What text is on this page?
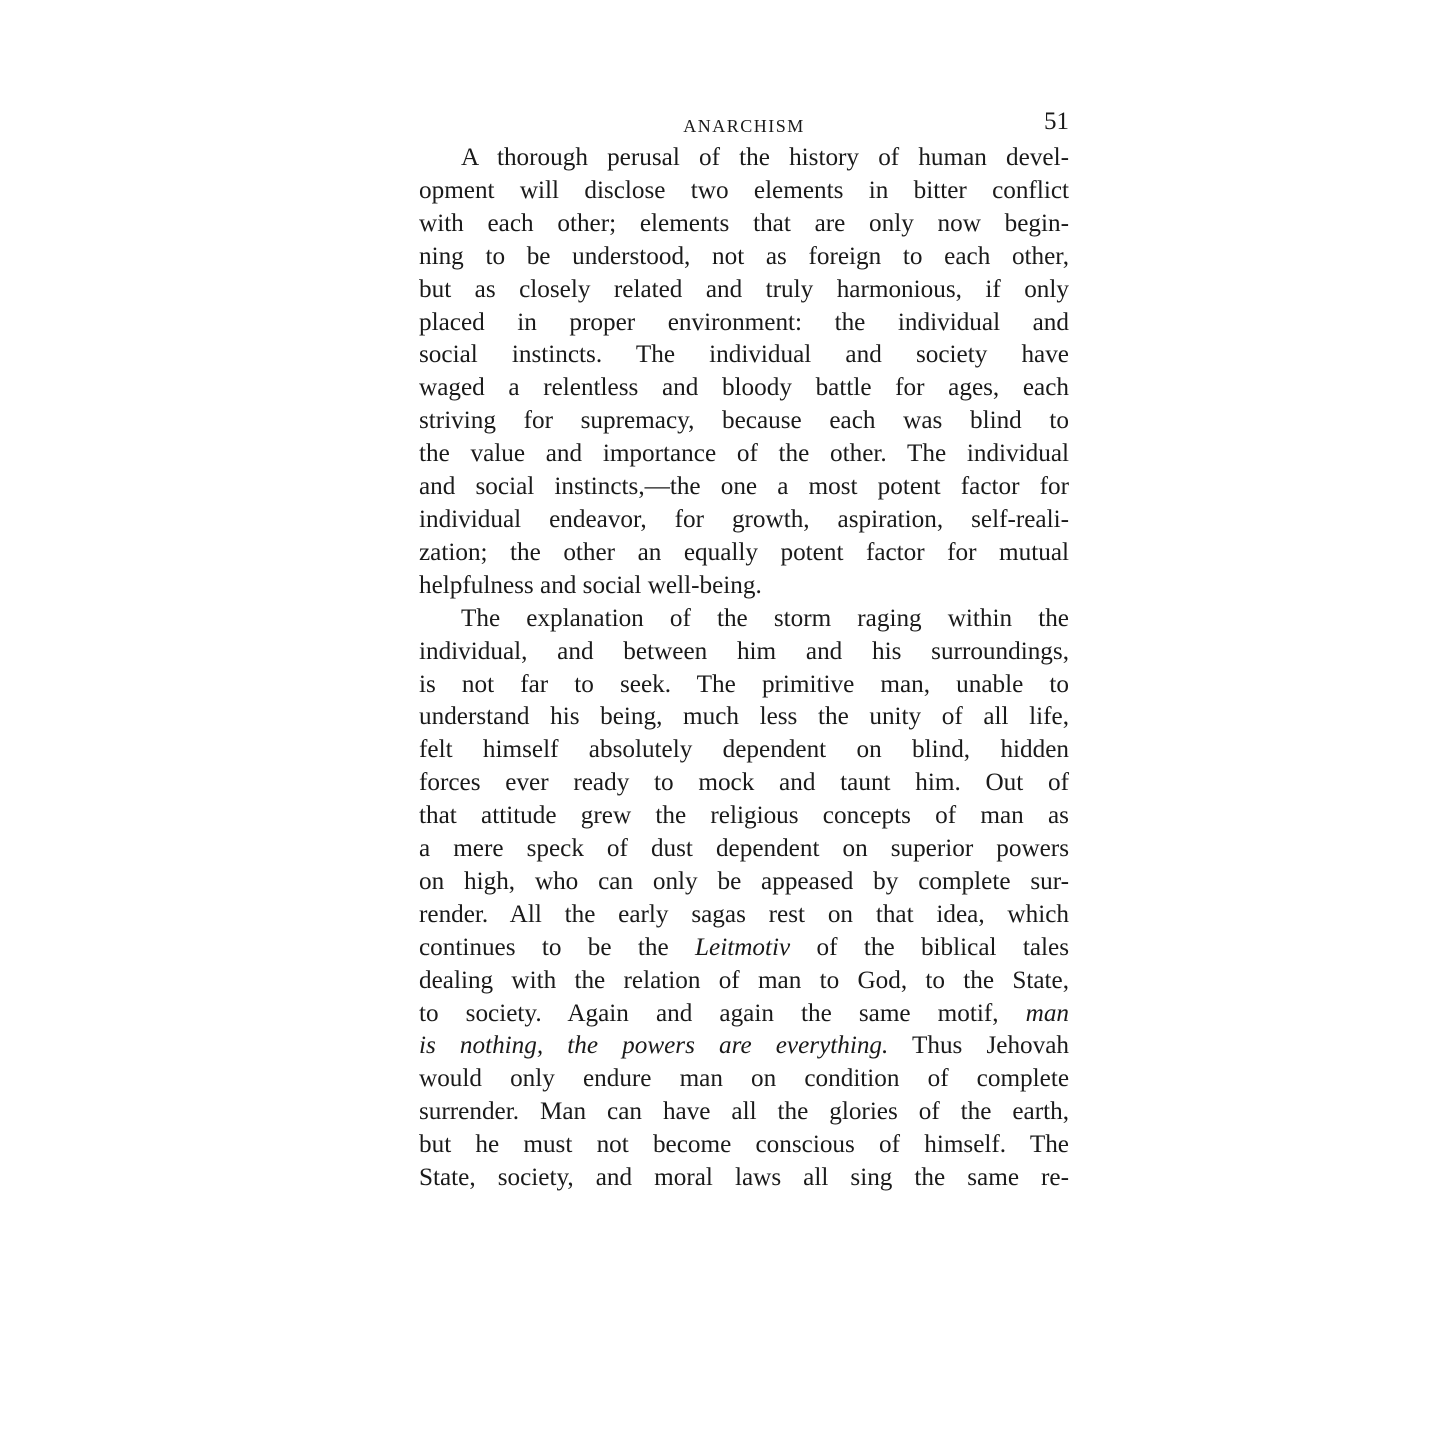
ANARCHISM	51

A thorough perusal of the history of human devel-
opment will disclose two elements in bitter conflict
with each other; elements that are only now begin-
ning to be understood, not as foreign to each other,
but as closely related and truly harmonious, if only
placed in proper environment: the individual and
social instincts. The individual and society have
waged a relentless and bloody battle for ages, each
striving for supremacy, because each was blind to
the value and importance of the other. The individual
and social instincts,—the one a most potent factor for
individual endeavor, for growth, aspiration, self-reali-
zation; the other an equally potent factor for mutual
helpfulness and social well-being.

The explanation of the storm raging within the
individual, and between him and his surroundings,
is not far to seek. The primitive man, unable to
understand his being, much less the unity of all life,
felt himself absolutely dependent on blind, hidden
forces ever ready to mock and taunt him. Out of
that attitude grew the religious concepts of man as
a mere speck of dust dependent on superior powers
on high, who can only be appeased by complete sur-
render. All the early sagas rest on that idea, which
continues to be the Leitmotiv of the biblical tales
dealing with the relation of man to God, to the State,
to society. Again and again the same motif, man
is nothing, the powers are everything. Thus Jehovah
would only endure man on condition of complete
surrender. Man can have all the glories of the earth,
but he must not become conscious of himself. The
State, society, and moral laws all sing the same re-
